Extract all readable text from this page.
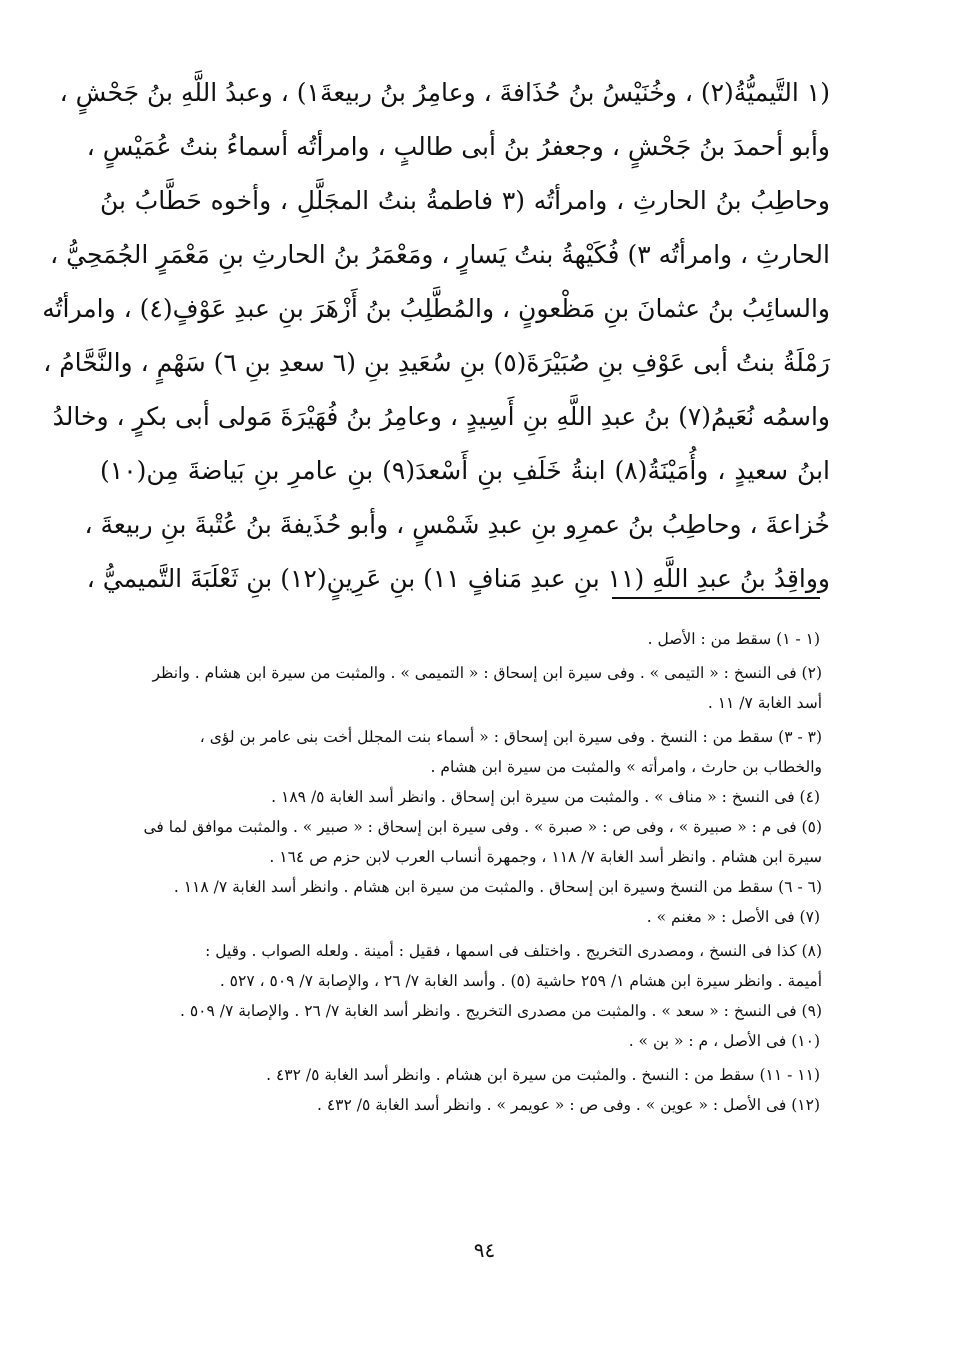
(١ التَّيميُّةُ(٢) ، وخُنَيْسُ بنُ حُذَافةَ ، وعامِرُ بنُ ربيعةَ١) ، وعبدُ اللَّهِ بنُ جَحْشٍ ،
وأبو أحمدَ بنُ جَحْشٍ ، وجعفرُ بنُ أبى طالبٍ ، وامرأتُه أسماءُ بنتُ عُمَيْسٍ ،
وحاطِبُ بنُ الحارثِ ، وامرأتُه (٣ فاطمةُ بنتُ المجَلَّلِ ، وأخوه حَطَّابُ بنُ
الحارثِ ، وامرأتُه ٣) فُكَيْهةُ بنتُ يَسارٍ ، ومَعْمَرُ بنُ الحارثِ بنِ مَعْمَرٍ الجُمَحِيُّ ،
والسائِبُ بنُ عثمانَ بنِ مَظْعونٍ ، والمُطَّلِبُ بنُ أَزْهَرَ بنِ عبدِ عَوْفٍ(٤) ، وامرأتُه
رَمْلَةُ بنتُ أبى عَوْفِ بنِ صُبَيْرَةَ(٥) بنِ سُعَيدِ بنِ (٦ سعدِ بنِ ٦) سَهْمٍ ، والنَّحَّامُ ،
واسمُه نُعَيمُ(٧) بنُ عبدِ اللَّهِ بنِ أَسِيدٍ ، وعامِرُ بنُ فُهَيْرَةَ مَولى أبى بكرٍ ، وخالدُ
ابنُ سعيدٍ ، وأُمَيْنَةُ(٨) ابنةُ خَلَفِ بنِ أَسْعدَ(٩) بنِ عامرِ بنِ بَياضةَ مِن(١٠)
خُزاعةَ ، وحاطِبُ بنُ عمرِو بنِ عبدِ شَمْسٍ ، وأبو حُذَيفةَ بنُ عُتْبةَ بنِ ربيعةَ ،
وواقِدُ بنُ عبدِ اللَّهِ (١١ بنِ عبدِ مَنافٍ ١١) بنِ عَرِينٍ(١٢) بنِ ثَعْلَبَةَ التَّميميُّ ،
(١ - ١) سقط من : الأصل .
(٢) فى النسخ : « التيمى » . وفى سيرة ابن إسحاق : « التميمى » . والمثبت من سيرة ابن هشام . وانظر
أسد الغابة ٧/ ١١ .
(٣ - ٣) سقط من : النسخ . وفى سيرة ابن إسحاق : « أسماء بنت المجلل أخت بنى عامر بن لؤى ،
والخطاب بن حارث ، وامرأته » والمثبت من سيرة ابن هشام .
(٤) فى النسخ : « مناف » . والمثبت من سيرة ابن إسحاق . وانظر أسد الغابة ٥/ ١٨٩ .
(٥) فى م : « صبيرة » ، وفى ص : « صبرة » . وفى سيرة ابن إسحاق : « صبير » . والمثبت موافق لما فى
سيرة ابن هشام . وانظر أسد الغابة ٧/ ١١٨ ، وجمهرة أنساب العرب لابن حزم ص ١٦٤ .
(٦ - ٦) سقط من النسخ وسيرة ابن إسحاق . والمثبت من سيرة ابن هشام . وانظر أسد الغابة ٧/ ١١٨ .
(٧) فى الأصل : « مغنم » .
(٨) كذا فى النسخ ، ومصدرى التخريج . واختلف فى اسمها ، فقيل : أمينة . ولعله الصواب . وقيل :
أميمة . وانظر سيرة ابن هشام ١/ ٢٥٩ حاشية (٥) . وأسد الغابة ٧/ ٢٦ ، والإصابة ٧/ ٥٠٩ ، ٥٢٧ .
(٩) فى النسخ : « سعد » . والمثبت من مصدرى التخريج . وانظر أسد الغابة ٧/ ٢٦ . والإصابة ٧/ ٥٠٩ .
(١٠) فى الأصل ، م : « بن » .
(١١ - ١١) سقط من : النسخ . والمثبت من سيرة ابن هشام . وانظر أسد الغابة ٥/ ٤٣٢ .
(١٢) فى الأصل : « عوين » . وفى ص : « عويمر » . وانظر أسد الغابة ٥/ ٤٣٢ .
٩٤
